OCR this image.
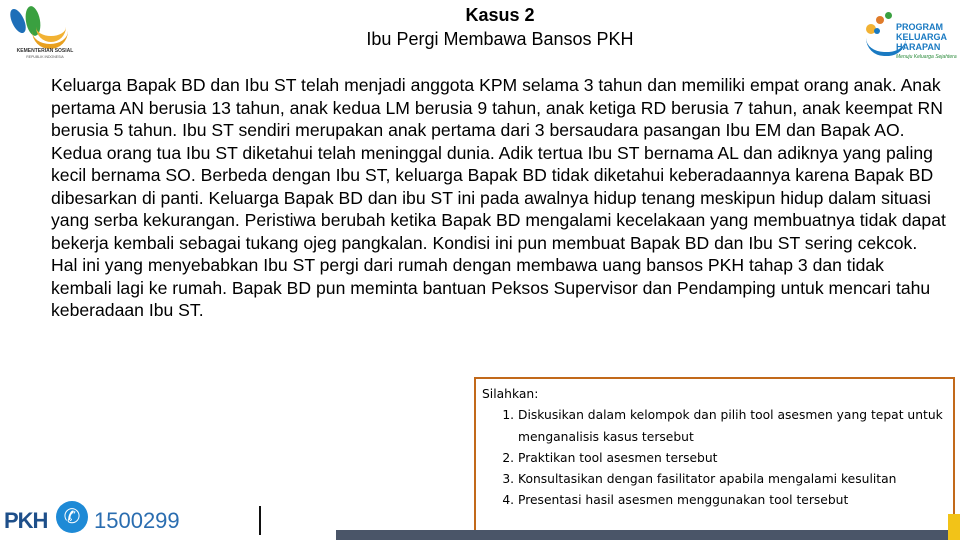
KEMENTERIAN SOSIAL
REPUBLIK INDONESIA
PROGRAM
KELUARGA
HARAPAN
Menuju Keluarga Sejahtera
Kasus 2
Ibu Pergi Membawa Bansos PKH

Keluarga Bapak BD dan Ibu ST telah menjadi anggota KPM selama 3 tahun dan memiliki empat orang anak. Anak pertama AN berusia 13 tahun, anak kedua LM berusia 9 tahun, anak ketiga RD berusia 7 tahun, anak keempat RN berusia 5 tahun. Ibu ST sendiri merupakan anak pertama dari 3 bersaudara pasangan Ibu EM dan Bapak AO. Kedua orang tua Ibu ST diketahui telah meninggal dunia. Adik tertua Ibu ST bernama AL dan adiknya yang paling kecil bernama SO. Berbeda dengan Ibu ST, keluarga Bapak BD tidak diketahui keberadaannya karena Bapak BD dibesarkan di panti. Keluarga Bapak BD dan ibu ST ini pada awalnya hidup tenang meskipun hidup dalam situasi yang serba kekurangan. Peristiwa berubah ketika Bapak BD mengalami kecelakaan yang membuatnya tidak dapat bekerja kembali sebagai tukang ojeg pangkalan. Kondisi ini pun membuat Bapak BD dan Ibu ST sering cekcok. Hal ini yang menyebabkan Ibu ST pergi dari rumah dengan membawa uang bansos PKH tahap 3 dan tidak kembali lagi ke rumah. Bapak BD pun meminta bantuan Peksos Supervisor dan Pendamping untuk mencari tahu keberadaan Ibu ST.

Silahkan:

1. Diskusikan dalam kelompok dan pilih tool asesmen yang tepat untuk menganalisis kasus tersebut
2. Praktikan tool asesmen tersebut
3. Konsultasikan dengan fasilitator apabila mengalami kesulitan
4. Presentasi hasil asesmen menggunakan tool tersebut
PKH ✆ 1500299
